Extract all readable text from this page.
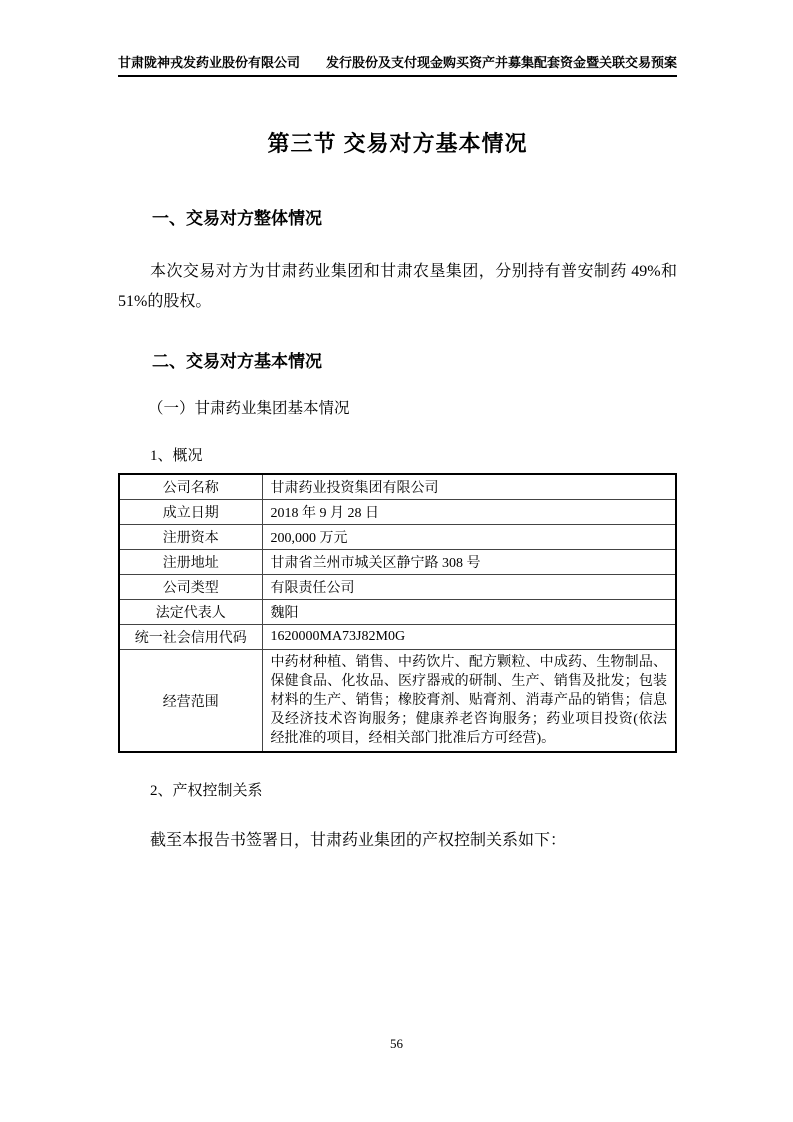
甘肃陇神戎发药业股份有限公司 发行股份及支付现金购买资产并募集配套资金暨关联交易预案
第三节 交易对方基本情况
一、交易对方整体情况
本次交易对方为甘肃药业集团和甘肃农垦集团，分别持有普安制药 49%和51%的股权。
二、交易对方基本情况
（一）甘肃药业集团基本情况
1、概况
公司名称	甘肃药业投资集团有限公司
成立日期	2018 年 9 月 28 日
注册资本	200,000 万元
注册地址	甘肃省兰州市城关区静宁路 308 号
公司类型	有限责任公司
法定代表人	魏阳
统一社会信用代码	1620000MA73J82M0G
经营范围	中药材种植、销售、中药饮片、配方颗粒、中成药、生物制品、保健食品、化妆品、医疗器戒的研制、生产、销售及批发；包装材料的生产、销售；橡胶膏剂、贴膏剂、消毒产品的销售；信息及经济技术咨询服务；健康养老咨询服务；药业项目投资(依法经批准的项目，经相关部门批准后方可经营)。
2、产权控制关系
截至本报告书签署日，甘肃药业集团的产权控制关系如下：
56
